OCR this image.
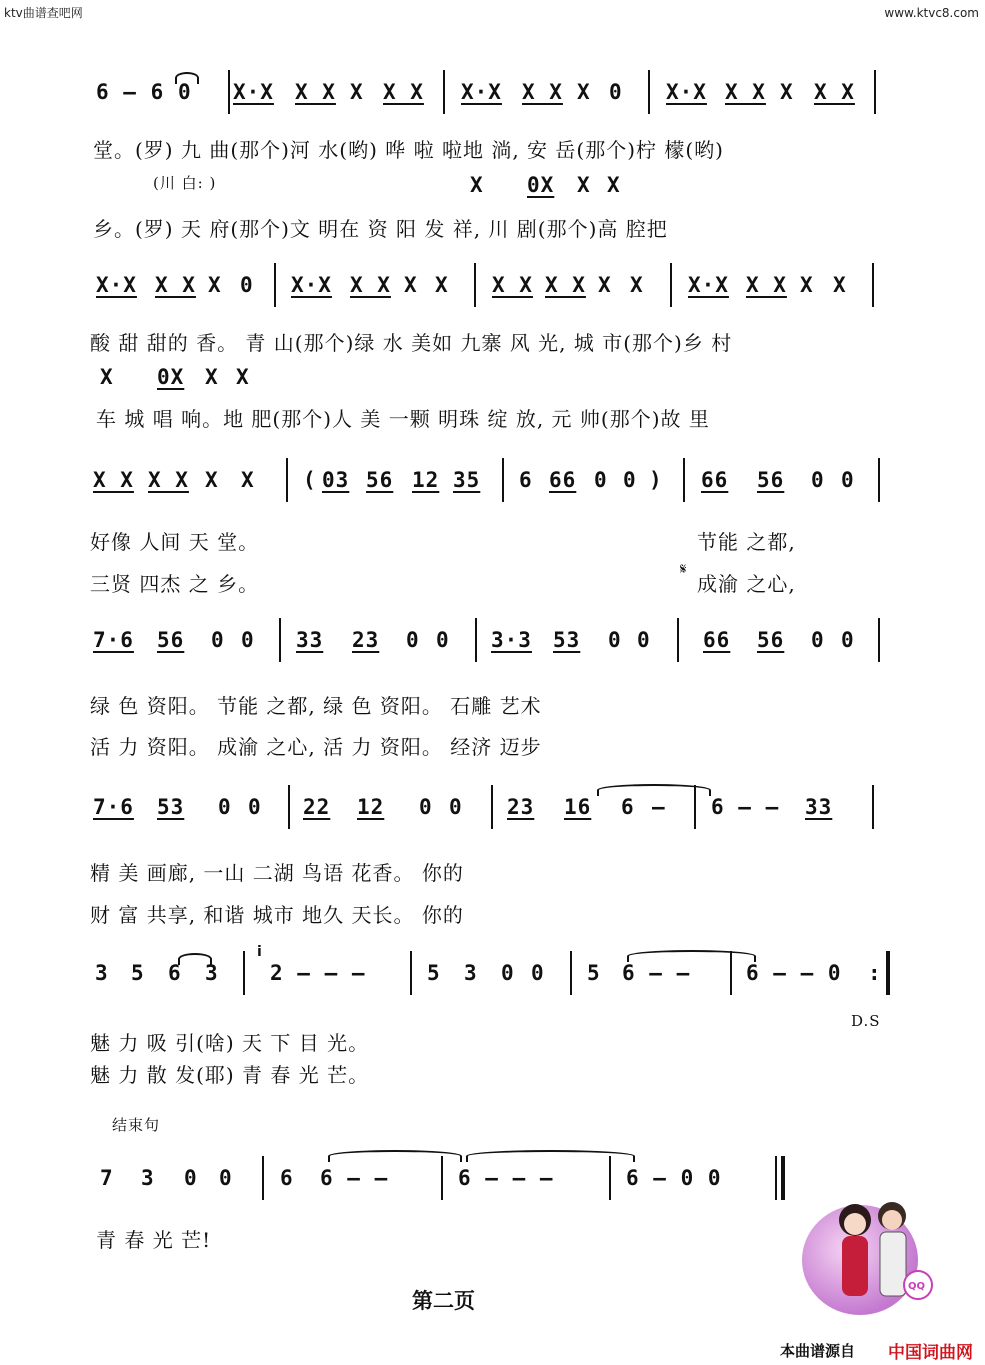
ktv曲谱查吧网	www.ktvc8.com
6 – 6 0 X·X X X X X X X·X X X X 0 X·X X X X X X
X 0X X X
X·X X X X 0 X·X X X X X X X X X X X X·X X X X X
X 0X X X
X X X X X X ( 03 56 12 35 6 66 0 0 ) 66 56 0 0
7·6 56 0 0 33 23 0 0 3·3 53 0 0 66 56 0 0
7·6 53 0 0 22 12 0 0 23 16 6 – 6 – – 33
3 5 6 3 2 – – –	5 3 0 0 5 6 – –	6 – – 0 :
7 3 0 0 6 6 – –	6 – – –	6 – 0 0
i
堂。(罗) 九 曲(那个)河 水(哟) 哗 啦 啦地 淌, 安 岳(那个)柠 檬(哟)
(川 白: )
乡。(罗) 天 府(那个)文 明在 资 阳 发 祥, 川 剧(那个)高 腔把
酸 甜 甜的 香。 青 山(那个)绿 水 美如 九寨 风 光, 城 市(那个)乡 村
车 城 唱 响。地 肥(那个)人 美 一颗 明珠 绽 放, 元 帅(那个)故 里
好像 人间 天 堂。	节能 之都,
三贤 四杰 之 乡。
𝄋
成渝 之心,
绿 色 资阳。 节能 之都, 绿 色 资阳。 石雕 艺术
活 力 资阳。 成渝 之心, 活 力 资阳。 经济 迈步
精 美 画廊, 一山 二湖 鸟语 花香。 你的
财 富 共享, 和谐 城市 地久 天长。 你的
D.S
魅 力 吸 引(啥) 天 下 目 光。
魅 力 散 发(耶) 青 春 光 芒。
结束句
青 春 光 芒!
第二页
QQ
本曲谱源自 中国词曲网
